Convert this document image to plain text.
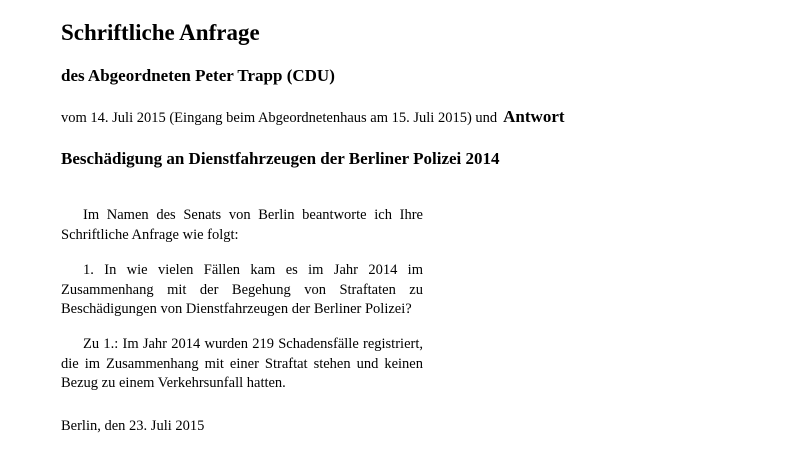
Schriftliche Anfrage
des Abgeordneten Peter Trapp (CDU)
vom 14. Juli 2015 (Eingang beim Abgeordnetenhaus am 15. Juli 2015) und Antwort
Beschädigung an Dienstfahrzeugen der Berliner Polizei 2014
Im Namen des Senats von Berlin beantworte ich Ihre Schriftliche Anfrage wie folgt:
1. In wie vielen Fällen kam es im Jahr 2014 im Zusammenhang mit der Begehung von Straftaten zu Beschädigungen von Dienstfahrzeugen der Berliner Polizei?
Zu 1.: Im Jahr 2014 wurden 219 Schadensfälle registriert, die im Zusammenhang mit einer Straftat stehen und keinen Bezug zu einem Verkehrsunfall hatten.
Berlin, den 23. Juli 2015
